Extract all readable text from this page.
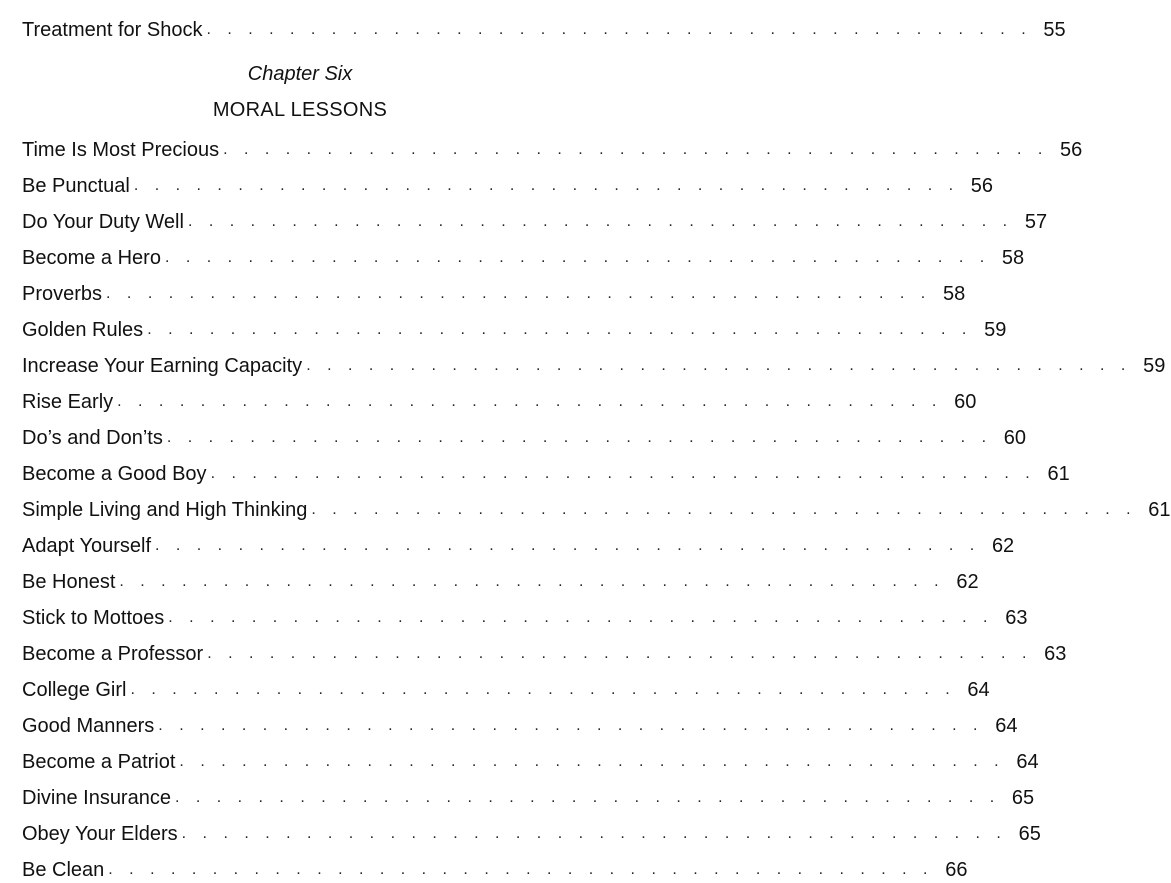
Treatment for Shock . . . . . . . . . . . . . . . . . . . . . . . . . . . . . . . . . . . . . . . . 55
Chapter Six
MORAL LESSONS
Time Is Most Precious . . . . . . . . . . . . . . . . . . . . . . . . . . . . . . . . . . . . . . . . 56
Be Punctual . . . . . . . . . . . . . . . . . . . . . . . . . . . . . . . . . . . . . . . . 56
Do Your Duty Well . . . . . . . . . . . . . . . . . . . . . . . . . . . . . . . . . . . . . . . . 57
Become a Hero . . . . . . . . . . . . . . . . . . . . . . . . . . . . . . . . . . . . . . . . 58
Proverbs . . . . . . . . . . . . . . . . . . . . . . . . . . . . . . . . . . . . . . . . 58
Golden Rules . . . . . . . . . . . . . . . . . . . . . . . . . . . . . . . . . . . . . . . . 59
Increase Your Earning Capacity . . . . . . . . . . . . . . . . . . . . . . . . . . . . . . . . . . . . . . . . 59
Rise Early . . . . . . . . . . . . . . . . . . . . . . . . . . . . . . . . . . . . . . . . 60
Do’s and Don’ts . . . . . . . . . . . . . . . . . . . . . . . . . . . . . . . . . . . . . . . . 60
Become a Good Boy . . . . . . . . . . . . . . . . . . . . . . . . . . . . . . . . . . . . . . . . 61
Simple Living and High Thinking . . . . . . . . . . . . . . . . . . . . . . . . . . . . . . . . . . . . . . . . 61
Adapt Yourself . . . . . . . . . . . . . . . . . . . . . . . . . . . . . . . . . . . . . . . . 62
Be Honest . . . . . . . . . . . . . . . . . . . . . . . . . . . . . . . . . . . . . . . . 62
Stick to Mottoes . . . . . . . . . . . . . . . . . . . . . . . . . . . . . . . . . . . . . . . . 63
Become a Professor . . . . . . . . . . . . . . . . . . . . . . . . . . . . . . . . . . . . . . . . 63
College Girl . . . . . . . . . . . . . . . . . . . . . . . . . . . . . . . . . . . . . . . . 64
Good Manners . . . . . . . . . . . . . . . . . . . . . . . . . . . . . . . . . . . . . . . . 64
Become a Patriot . . . . . . . . . . . . . . . . . . . . . . . . . . . . . . . . . . . . . . . . 64
Divine Insurance . . . . . . . . . . . . . . . . . . . . . . . . . . . . . . . . . . . . . . . . 65
Obey Your Elders . . . . . . . . . . . . . . . . . . . . . . . . . . . . . . . . . . . . . . . . 65
Be Clean . . . . . . . . . . . . . . . . . . . . . . . . . . . . . . . . . . . . . . . . 66
